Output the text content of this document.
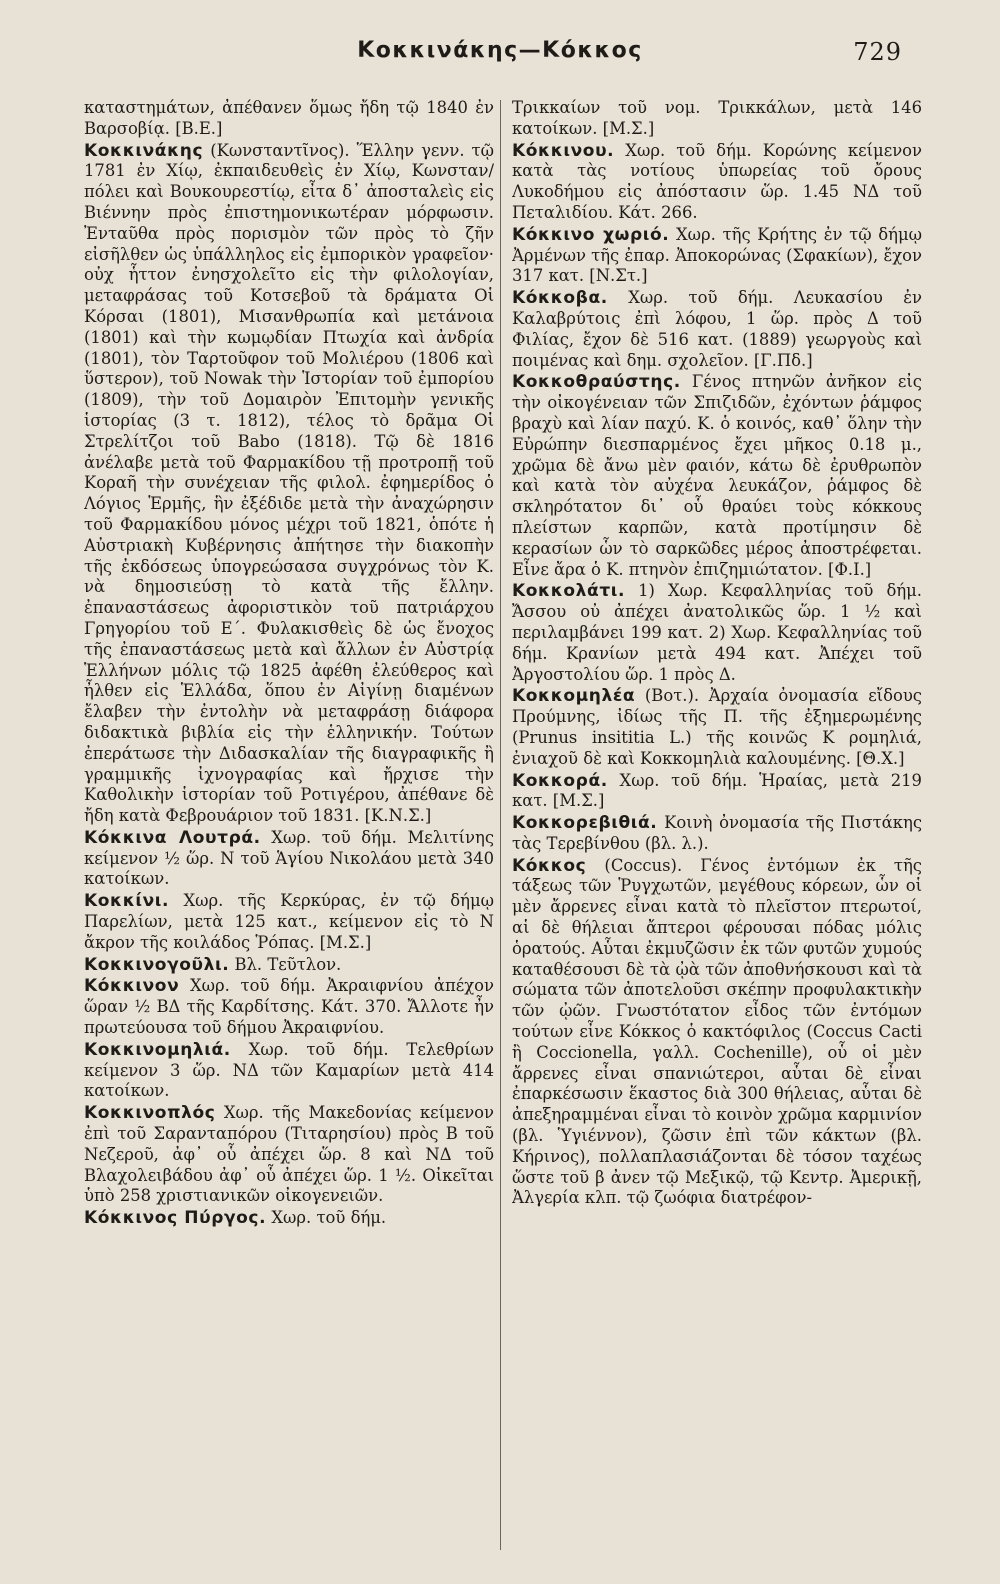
Κοκκινάκης—Κόκκος	729

καταστημάτων, ἀπέθανεν ὅμως ἤδη τῷ 1840 ἐν Βαρσοβίᾳ. [Β.Ε.]

Κοκκινάκης (Κωνσταντῖνος). Ἕλλην γενν. τῷ 1781 ἐν Χίῳ, ἐκπαιδευθεὶς ἐν Χίῳ, Κωνσταν/πόλει καὶ Βουκουρεστίῳ, εἶτα δ᾽ ἀποσταλεὶς εἰς Βιέννην πρὸς ἐπιστημονικωτέραν μόρφωσιν. Ἐνταῦθα πρὸς πορισμὸν τῶν πρὸς τὸ ζῆν εἰσῆλθεν ὡς ὑπάλληλος εἰς ἐμπορικὸν γραφεῖον· οὐχ ἧττον ἐνησχολεῖτο εἰς τὴν φιλολογίαν, μεταφράσας τοῦ Κοτσεβοῦ τὰ δράματα Οἱ Κόρσαι (1801), Μισανθρωπία καὶ μετάνοια (1801) καὶ τὴν κωμῳδίαν Πτωχία καὶ ἀνδρία (1801), τὸν Ταρτοῦφον τοῦ Μολιέρου (1806 καὶ ὕστερον), τοῦ Nowak τὴν Ἱστορίαν τοῦ ἐμπορίου (1809), τὴν τοῦ Δομαιρὸν Ἐπιτομὴν γενικῆς ἱστορίας (3 τ. 1812), τέλος τὸ δρᾶμα Οἱ Στρελίτζοι τοῦ Babo (1818). Τῷ δὲ 1816 ἀνέλαβε μετὰ τοῦ Φαρμακίδου τῇ προτροπῇ τοῦ Κοραῆ τὴν συνέχειαν τῆς φιλολ. ἐφημερίδος ὁ Λόγιος Ἑρμῆς, ἣν ἐξέδιδε μετὰ τὴν ἀναχώρησιν τοῦ Φαρμακίδου μόνος μέχρι τοῦ 1821, ὁπότε ἡ Αὐστριακὴ Κυβέρνησις ἀπήτησε τὴν διακοπὴν τῆς ἐκδόσεως ὑπογρεώσασα συγχρόνως τὸν Κ. νὰ δημοσιεύσῃ τὸ κατὰ τῆς ἔλλην. ἐπαναστάσεως ἀφοριστικὸν τοῦ πατριάρχου Γρηγορίου τοῦ Ε΄. Φυλακισθεὶς δὲ ὡς ἔνοχος τῆς ἐπαναστάσεως μετὰ καὶ ἄλλων ἐν Αὐστρίᾳ Ἑλλήνων μόλις τῷ 1825 ἀφέθη ἐλεύθερος καὶ ἦλθεν εἰς Ἑλλάδα, ὅπου ἐν Αἰγίνῃ διαμένων ἔλαβεν τὴν ἐντολὴν νὰ μεταφράσῃ διάφορα διδακτικὰ βιβλία εἰς τὴν ἑλληνικήν. Τούτων ἐπεράτωσε τὴν Διδασκαλίαν τῆς διαγραφικῆς ἢ γραμμικῆς ἰχνογραφίας καὶ ἤρχισε τὴν Καθολικὴν ἱστορίαν τοῦ Ροτιγέρου, ἀπέθανε δὲ ἤδη κατὰ Φεβρουάριον τοῦ 1831. [Κ.Ν.Σ.]

Κόκκινα Λουτρά. Χωρ. τοῦ δήμ. Μελιτίνης κείμενον ½ ὥρ. Ν τοῦ Ἁγίου Νικολάου μετὰ 340 κατοίκων.

Κοκκίνι. Χωρ. τῆς Κερκύρας, ἐν τῷ δήμῳ Παρελίων, μετὰ 125 κατ., κείμενον εἰς τὸ Ν ἄκρον τῆς κοιλάδος Ῥόπας. [Μ.Σ.]

Κοκκινογοῦλι. Βλ. Τεῦτλον.

Κόκκινον Χωρ. τοῦ δήμ. Ἀκραιφνίου ἀπέχον ὥραν ½ ΒΔ τῆς Καρδίτσης. Κάτ. 370. Ἄλλοτε ἦν πρωτεύουσα τοῦ δήμου Ἀκραιφνίου.

Κοκκινομηλιά. Χωρ. τοῦ δήμ. Τελεθρίων κείμενον 3 ὥρ. ΝΔ τῶν Καμαρίων μετὰ 414 κατοίκων.

Κοκκινοπλός Χωρ. τῆς Μακεδονίας κείμενον ἐπὶ τοῦ Σαρανταπόρου (Τιταρησίου) πρὸς Β τοῦ Νεζεροῦ, ἀφ᾽ οὗ ἀπέχει ὥρ. 8 καὶ ΝΔ τοῦ Βλαχολειβάδου ἀφ᾽ οὗ ἀπέχει ὥρ. 1 ½. Οἰκεῖται ὑπὸ 258 χριστιανικῶν οἰκογενειῶν.

Κόκκινος Πύργος. Χωρ. τοῦ δήμ.

Τρικκαίων τοῦ νομ. Τρικκάλων, μετὰ 146 κατοίκων. [Μ.Σ.]

Κόκκινου. Χωρ. τοῦ δήμ. Κορώνης κείμενον κατὰ τὰς νοτίους ὑπωρείας τοῦ ὄρους Λυκοδήμου εἰς ἀπόστασιν ὥρ. 1.45 ΝΔ τοῦ Πεταλιδίου. Κάτ. 266.

Κόκκινο χωριό. Χωρ. τῆς Κρήτης ἐν τῷ δήμῳ Ἀρμένων τῆς ἐπαρ. Ἀποκορώνας (Σφακίων), ἔχον 317 κατ. [Ν.Στ.]

Κόκκοβα. Χωρ. τοῦ δήμ. Λευκασίου ἐν Καλαβρύτοις ἐπὶ λόφου, 1 ὥρ. πρὸς Δ τοῦ Φιλίας, ἔχον δὲ 516 κατ. (1889) γεωργοὺς καὶ ποιμένας καὶ δημ. σχολεῖον. [Γ.Πδ.]

Κοκκοθραύστης. Γένος πτηνῶν ἀνῆκον εἰς τὴν οἰκογένειαν τῶν Σπιζιδῶν, ἐχόντων ῥάμφος βραχὺ καὶ λίαν παχύ. Κ. ὁ κοινός, καθ᾽ ὅλην τὴν Εὐρώπην διεσπαρμένος ἔχει μῆκος 0.18 μ., χρῶμα δὲ ἄνω μὲν φαιόν, κάτω δὲ ἐρυθρωπὸν καὶ κατὰ τὸν αὐχένα λευκάζον, ῥάμφος δὲ σκληρότατον δι᾽ οὗ θραύει τοὺς κόκκους πλείστων καρπῶν, κατὰ προτίμησιν δὲ κερασίων ὧν τὸ σαρκῶδες μέρος ἀποστρέφεται. Εἶνε ἄρα ὁ Κ. πτηνὸν ἐπιζημιώτατον. [Φ.Ι.]

Κοκκολάτι. 1) Χωρ. Κεφαλληνίας τοῦ δήμ. Ἄσσου οὐ ἀπέχει ἀνατολικῶς ὥρ. 1 ½ καὶ περιλαμβάνει 199 κατ. 2) Χωρ. Κεφαλληνίας τοῦ δήμ. Κρανίων μετὰ 494 κατ. Ἀπέχει τοῦ Ἀργοστολίου ὥρ. 1 πρὸς Δ.

Κοκκομηλέα (Βοτ.). Ἀρχαία ὀνομασία εἴδους Προύμνης, ἰδίως τῆς Π. τῆς ἐξημερωμένης (Prunus insititia L.) τῆς κοινῶς Κ ρομηλιά, ἐνιαχοῦ δὲ καὶ Κοκκομηλιὰ καλουμένης. [Θ.Χ.]

Κοκκορά. Χωρ. τοῦ δήμ. Ἡραίας, μετὰ 219 κατ. [Μ.Σ.]

Κοκκορεβιθιά. Κοινὴ ὀνομασία τῆς Πιστάκης τὰς Τερεβίνθου (βλ. λ.).

Κόκκος (Coccus). Γένος ἐντόμων ἐκ τῆς τάξεως τῶν Ῥυγχωτῶν, μεγέθους κόρεων, ὧν οἱ μὲν ἄρρενες εἶναι κατὰ τὸ πλεῖστον πτερωτοί, αἱ δὲ θήλειαι ἄπτεροι φέρουσαι πόδας μόλις ὁρατούς. Αὗται ἐκμυζῶσιν ἐκ τῶν φυτῶν χυμούς καταθέσουσι δὲ τὰ ᾠὰ τῶν ἀποθνήσκουσι καὶ τὰ σώματα τῶν ἀποτελοῦσι σκέπην προφυλακτικὴν τῶν ᾠῶν. Γνωστότατον εἶδος τῶν ἐντόμων τούτων εἶνε Κόκκος ὁ κακτόφιλος (Coccus Cacti ἢ Coccionella, γαλλ. Cochenille), οὗ οἱ μὲν ἄρρενες εἶναι σπανιώτεροι, αὗται δὲ εἶναι ἐπαρκέσωσιν ἕκαστος διὰ 300 θήλειας, αὗται δὲ ἀπεξηραμμέναι εἶναι τὸ κοινὸν χρῶμα καρμινίον (βλ. Ὑγιέννον), ζῶσιν ἐπὶ τῶν κάκτων (βλ. Κήρινος), πολλαπλασιάζονται δὲ τόσον ταχέως ὥστε τοῦ β ἀνεν τῷ Μεξικῷ, τῷ Κεντρ. Ἀμερικῇ, Ἀλγερία κλπ. τῷ ζωόφια διατρέφον-
